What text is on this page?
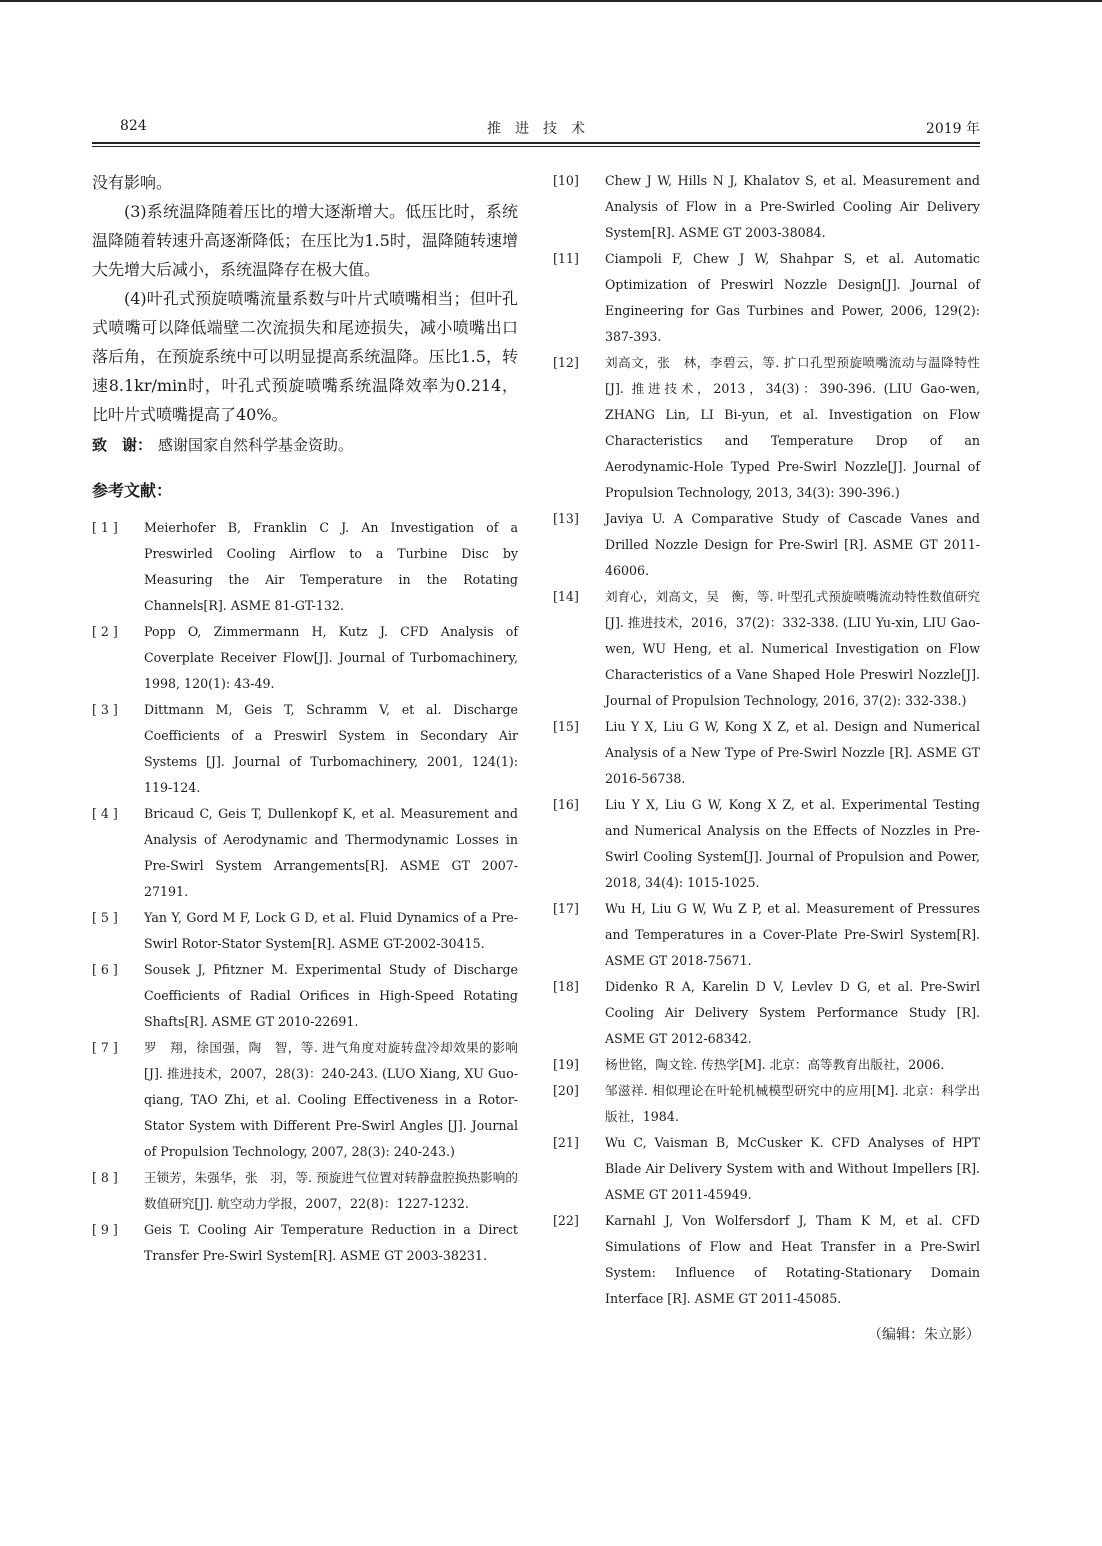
824	推进技术	2019 年

没有影响。

(3)系统温降随着压比的增大逐渐增大。低压比时，系统温降随着转速升高逐渐降低；在压比为1.5时，温降随转速增大先增大后减小，系统温降存在极大值。

(4)叶孔式预旋喷嘴流量系数与叶片式喷嘴相当；但叶孔式喷嘴可以降低端壁二次流损失和尾迹损失，减小喷嘴出口落后角，在预旋系统中可以明显提高系统温降。压比1.5，转速8.1kr/min时，叶孔式预旋喷嘴系统温降效率为0.214，比叶片式喷嘴提高了40%。

致　谢： 感谢国家自然科学基金资助。

参考文献：
[ 1 ]	Meierhofer B, Franklin C J. An Investigation of a Preswirled Cooling Airflow to a Turbine Disc by Measuring the Air Temperature in the Rotating Channels[R]. ASME 81-GT-132.
[ 2 ]	Popp O, Zimmermann H, Kutz J. CFD Analysis of Coverplate Receiver Flow[J]. Journal of Turbomachinery, 1998, 120(1): 43-49.
[ 3 ]	Dittmann M, Geis T, Schramm V, et al. Discharge Coefficients of a Preswirl System in Secondary Air Systems [J]. Journal of Turbomachinery, 2001, 124(1): 119-124.
[ 4 ]	Bricaud C, Geis T, Dullenkopf K, et al. Measurement and Analysis of Aerodynamic and Thermodynamic Losses in Pre-Swirl System Arrangements[R]. ASME GT 2007-27191.
[ 5 ]	Yan Y, Gord M F, Lock G D, et al. Fluid Dynamics of a Pre-Swirl Rotor-Stator System[R]. ASME GT-2002-30415.
[ 6 ]	Sousek J, Pfitzner M. Experimental Study of Discharge Coefficients of Radial Orifices in High-Speed Rotating Shafts[R]. ASME GT 2010-22691.
[ 7 ]	罗　翔，徐国强，陶　智，等. 进气角度对旋转盘冷却效果的影响[J]. 推进技术，2007，28(3)：240-243. (LUO Xiang, XU Guo-qiang, TAO Zhi, et al. Cooling Effectiveness in a Rotor-Stator System with Different Pre-Swirl Angles [J]. Journal of Propulsion Technology, 2007, 28(3): 240-243.)
[ 8 ]	王锁芳，朱强华，张　羽，等. 预旋进气位置对转静盘腔换热影响的数值研究[J]. 航空动力学报，2007，22(8)：1227-1232.
[ 9 ]	Geis T. Cooling Air Temperature Reduction in a Direct Transfer Pre-Swirl System[R]. ASME GT 2003-38231.
[10]	Chew J W, Hills N J, Khalatov S, et al. Measurement and Analysis of Flow in a Pre-Swirled Cooling Air Delivery System[R]. ASME GT 2003-38084.
[11]	Ciampoli F, Chew J W, Shahpar S, et al. Automatic Optimization of Preswirl Nozzle Design[J]. Journal of Engineering for Gas Turbines and Power, 2006, 129(2): 387-393.
[12]	刘高文，张　林，李碧云，等. 扩口孔型预旋喷嘴流动与温降特性[J]. 推进技术，2013，34(3)：390-396. (LIU Gao-wen, ZHANG Lin, LI Bi-yun, et al. Investigation on Flow Characteristics and Temperature Drop of an Aerodynamic-Hole Typed Pre-Swirl Nozzle[J]. Journal of Propulsion Technology, 2013, 34(3): 390-396.)
[13]	Javiya U. A Comparative Study of Cascade Vanes and Drilled Nozzle Design for Pre-Swirl [R]. ASME GT 2011-46006.
[14]	刘育心，刘高文，吴　衡，等. 叶型孔式预旋喷嘴流动特性数值研究[J]. 推进技术，2016，37(2)：332-338. (LIU Yu-xin, LIU Gao-wen, WU Heng, et al. Numerical Investigation on Flow Characteristics of a Vane Shaped Hole Preswirl Nozzle[J]. Journal of Propulsion Technology, 2016, 37(2): 332-338.)
[15]	Liu Y X, Liu G W, Kong X Z, et al. Design and Numerical Analysis of a New Type of Pre-Swirl Nozzle [R]. ASME GT 2016-56738.
[16]	Liu Y X, Liu G W, Kong X Z, et al. Experimental Testing and Numerical Analysis on the Effects of Nozzles in Pre-Swirl Cooling System[J]. Journal of Propulsion and Power, 2018, 34(4): 1015-1025.
[17]	Wu H, Liu G W, Wu Z P, et al. Measurement of Pressures and Temperatures in a Cover-Plate Pre-Swirl System[R]. ASME GT 2018-75671.
[18]	Didenko R A, Karelin D V, Levlev D G, et al. Pre-Swirl Cooling Air Delivery System Performance Study [R]. ASME GT 2012-68342.
[19]	杨世铭，陶文铨. 传热学[M]. 北京：高等教育出版社，2006.
[20]	邹滋祥. 相似理论在叶轮机械模型研究中的应用[M]. 北京：科学出版社，1984.
[21]	Wu C, Vaisman B, McCusker K. CFD Analyses of HPT Blade Air Delivery System with and Without Impellers [R]. ASME GT 2011-45949.
[22]	Karnahl J, Von Wolfersdorf J, Tham K M, et al. CFD Simulations of Flow and Heat Transfer in a Pre-Swirl System: Influence of Rotating-Stationary Domain Interface [R]. ASME GT 2011-45085.
（编辑：朱立影）
